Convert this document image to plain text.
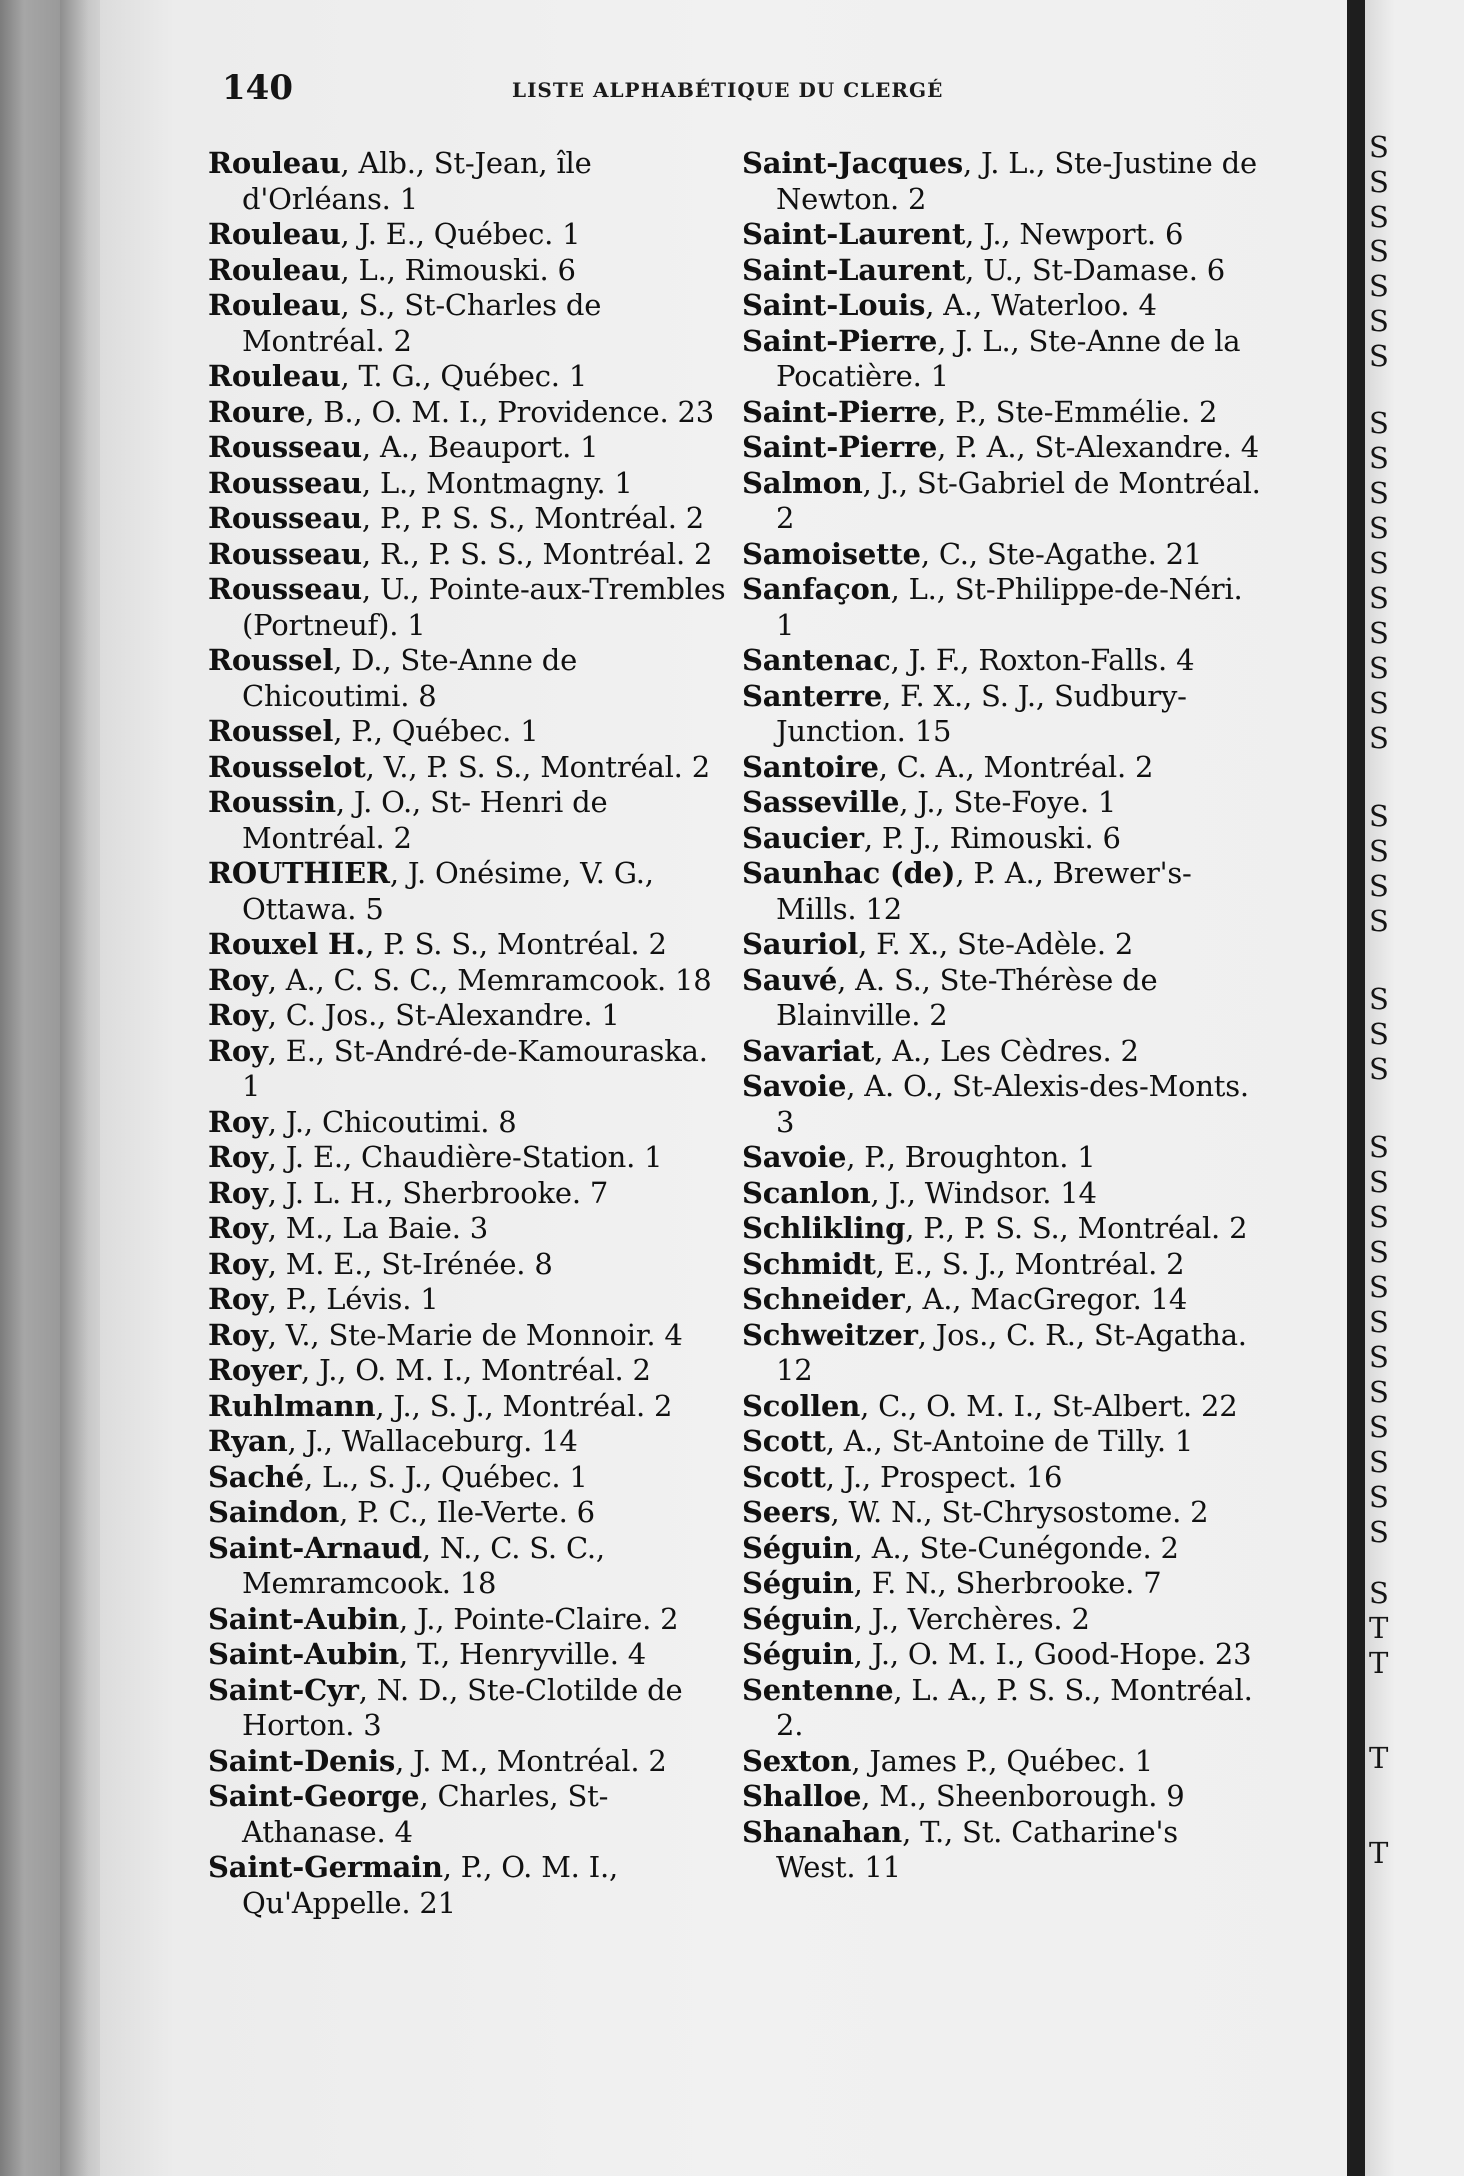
S
S
S
S
S
S
S
S
S
S
S
S
S
S
S
S
S
S
S
S
S
S
S
S
S
S
S
S
S
S
S
S
S
S
S
S
S
T
T
T
T
140	LISTE ALPHABÉTIQUE DU CLERGÉ
Rouleau, Alb., St-Jean, île d'Orléans. 1
Rouleau, J. E., Québec. 1
Rouleau, L., Rimouski. 6
Rouleau, S., St-Charles de Montréal. 2
Rouleau, T. G., Québec. 1
Roure, B., O. M. I., Providence. 23
Rousseau, A., Beauport. 1
Rousseau, L., Montmagny. 1
Rousseau, P., P. S. S., Montréal. 2
Rousseau, R., P. S. S., Montréal. 2
Rousseau, U., Pointe-aux-Trembles (Portneuf). 1
Roussel, D., Ste-Anne de Chicoutimi. 8
Roussel, P., Québec. 1
Rousselot, V., P. S. S., Montréal. 2
Roussin, J. O., St- Henri de Montréal. 2
ROUTHIER, J. Onésime, V. G., Ottawa. 5
Rouxel H., P. S. S., Montréal. 2
Roy, A., C. S. C., Memramcook. 18
Roy, C. Jos., St-Alexandre. 1
Roy, E., St-André-de-Kamouraska. 1
Roy, J., Chicoutimi. 8
Roy, J. E., Chaudière-Station. 1
Roy, J. L. H., Sherbrooke. 7
Roy, M., La Baie. 3
Roy, M. E., St-Irénée. 8
Roy, P., Lévis. 1
Roy, V., Ste-Marie de Monnoir. 4
Royer, J., O. M. I., Montréal. 2
Ruhlmann, J., S. J., Montréal. 2
Ryan, J., Wallaceburg. 14
Saché, L., S. J., Québec. 1
Saindon, P. C., Ile-Verte. 6
Saint-Arnaud, N., C. S. C., Memramcook. 18
Saint-Aubin, J., Pointe-Claire. 2
Saint-Aubin, T., Henryville. 4
Saint-Cyr, N. D., Ste-Clotilde de Horton. 3
Saint-Denis, J. M., Montréal. 2
Saint-George, Charles, St-Athanase. 4
Saint-Germain, P., O. M. I., Qu'Appelle. 21
Saint-Jacques, J. L., Ste-Justine de Newton. 2
Saint-Laurent, J., Newport. 6
Saint-Laurent, U., St-Damase. 6
Saint-Louis, A., Waterloo. 4
Saint-Pierre, J. L., Ste-Anne de la Pocatière. 1
Saint-Pierre, P., Ste-Emmélie. 2
Saint-Pierre, P. A., St-Alexandre. 4
Salmon, J., St-Gabriel de Montréal. 2
Samoisette, C., Ste-Agathe. 21
Sanfaçon, L., St-Philippe-de-Néri. 1
Santenac, J. F., Roxton-Falls. 4
Santerre, F. X., S. J., Sudbury-Junction. 15
Santoire, C. A., Montréal. 2
Sasseville, J., Ste-Foye. 1
Saucier, P. J., Rimouski. 6
Saunhac (de), P. A., Brewer's-Mills. 12
Sauriol, F. X., Ste-Adèle. 2
Sauvé, A. S., Ste-Thérèse de Blainville. 2
Savariat, A., Les Cèdres. 2
Savoie, A. O., St-Alexis-des-Monts. 3
Savoie, P., Broughton. 1
Scanlon, J., Windsor. 14
Schlikling, P., P. S. S., Montréal. 2
Schmidt, E., S. J., Montréal. 2
Schneider, A., MacGregor. 14
Schweitzer, Jos., C. R., St-Agatha. 12
Scollen, C., O. M. I., St-Albert. 22
Scott, A., St-Antoine de Tilly. 1
Scott, J., Prospect. 16
Seers, W. N., St-Chrysostome. 2
Séguin, A., Ste-Cunégonde. 2
Séguin, F. N., Sherbrooke. 7
Séguin, J., Verchères. 2
Séguin, J., O. M. I., Good-Hope. 23
Sentenne, L. A., P. S. S., Montréal. 2.
Sexton, James P., Québec. 1
Shalloe, M., Sheenborough. 9
Shanahan, T., St. Catharine's West. 11
